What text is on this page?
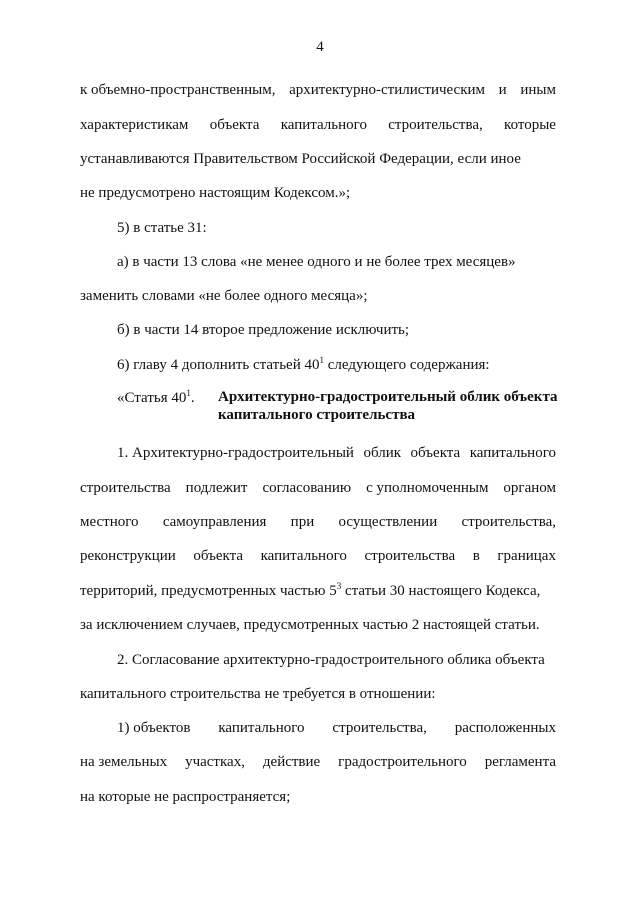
4
к объемно-пространственным, архитектурно-стилистическим и иным
характеристикам объекта капитального строительства, которые
устанавливаются Правительством Российской Федерации, если иное
не предусмотрено настоящим Кодексом.»;
5) в статье 31:
а) в части 13 слова «не менее одного и не более трех месяцев»
заменить словами «не более одного месяца»;
б) в части 14 второе предложение исключить;
6) главу 4 дополнить статьей $40^1$ следующего содержания:
«Статья $40^1$. Архитектурно-градостроительный облик объекта
капитального строительства
1. Архитектурно-градостроительный облик объекта капитального
строительства подлежит согласованию с уполномоченным органом
местного самоуправления при осуществлении строительства,
реконструкции объекта капитального строительства в границах
территорий, предусмотренных частью $5^3$ статьи 30 настоящего Кодекса,
за исключением случаев, предусмотренных частью 2 настоящей статьи.
2. Согласование архитектурно-градостроительного облика объекта
капитального строительства не требуется в отношении:
1) объектов капитального строительства, расположенных
на земельных участках, действие градостроительного регламента
на которые не распространяется;
